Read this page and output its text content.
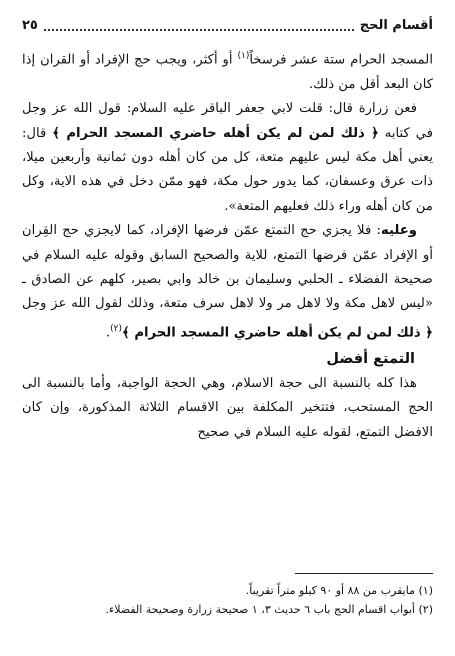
أقسام الحج
٢٥

المسجد الحرام ستة عشر فرسخاً$^{(١)}$ أو أكثر، ويجب حج الإفراد أو القران إذا كان البعد أقل من ذلك.

فعن زرارة قال: قلت لابي جعفر الباقر عليه السلام: قول الله عز وجل في كتابه ﴿ ذلك لمن لم يكن أهله حاضري المسجد الحرام ﴾ قال: يعني أهل مكة ليس عليهم متعة، كل من كان أهله دون ثمانية وأربعين ميلا، ذات عرق وعسفان، كما يدور حول مكة، فهو ممّن دخل في هذه الاية، وكل من كان أهله وراء ذلك فعليهم المتعة».

وعليه: فلا يجزي حج التمتع عمّن فرضها الإفراد، كما لايجزي حج القِران أو الإفراد عمّن فرضها التمتع، للاية والصحيح السابق وقوله عليه السلام في صحيحة الفضلاء ـ الحلبي وسليمان بن خالد وابي بصير، كلهم عن الصادق ـ «ليس لاهل مكة ولا لاهل مر ولا لاهل سرف متعة، وذلك لقول الله عز وجل ﴿ ذلك لمن لم يكن أهله حاضري المسجد الحرام ﴾$^{(٢)}$.

التمتع أفضل

هذا كله بالنسبة الى حجة الاسلام، وهي الحجة الواجبة، وأما بالنسبة الى الحج المستحب، فتتخير المكلفة بين الاقسام الثلاثة المذكورة، وإن كان الافضل التمتع، لقوله عليه السلام في صحيح

(١) مايقرب من ٨٨ أو ٩٠ كيلو متراً تقريباً.
(٢) أبواب اقسام الحج باب ٦ حديث ٣، ١ صحيحة زرارة وصحيحة الفضلاء.
